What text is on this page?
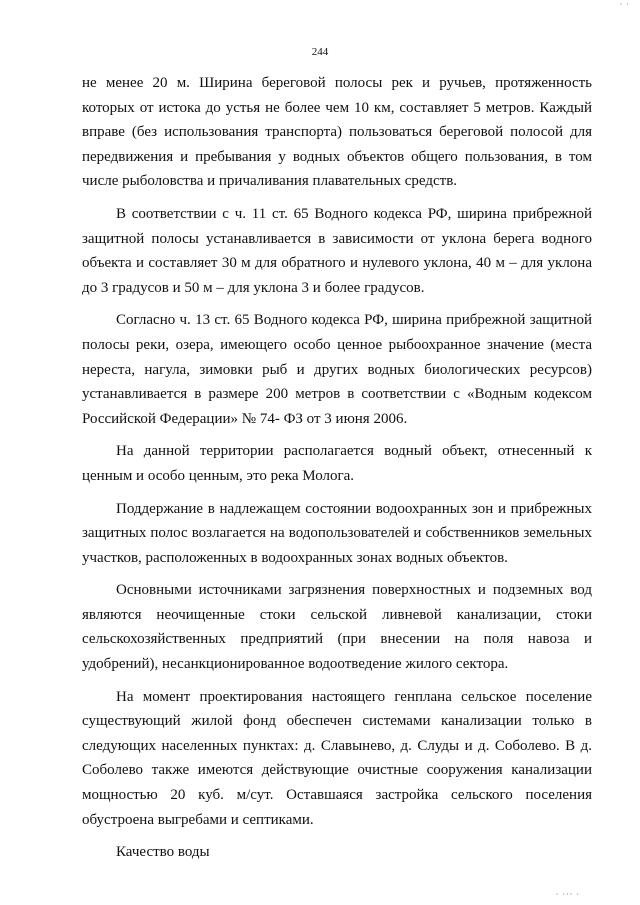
· ·
244

не менее 20 м. Ширина береговой полосы рек и ручьев, протяженность которых от истока до устья не более чем 10 км, составляет 5 метров. Каждый вправе (без использования транспорта) пользоваться береговой полосой для передвижения и пребывания у водных объектов общего пользования, в том числе рыболовства и причаливания плавательных средств.

В соответствии с ч. 11 ст. 65 Водного кодекса РФ, ширина прибрежной защитной полосы устанавливается в зависимости от уклона берега водного объекта и составляет 30 м для обратного и нулевого уклона, 40 м – для уклона до 3 градусов и 50 м – для уклона 3 и более градусов.

Согласно ч. 13 ст. 65 Водного кодекса РФ, ширина прибрежной защитной полосы реки, озера, имеющего особо ценное рыбоохранное значение (места нереста, нагула, зимовки рыб и других водных биологических ресурсов) устанавливается в размере 200 метров в соответствии с «Водным кодексом Российской Федерации» № 74- ФЗ от 3 июня 2006.

На данной территории располагается водный объект, отнесенный к ценным и особо ценным, это река Молога.

Поддержание в надлежащем состоянии водоохранных зон и прибрежных защитных полос возлагается на водопользователей и собственников земельных участков, расположенных в водоохранных зонах водных объектов.

Основными источниками загрязнения поверхностных и подземных вод являются неочищенные стоки сельской ливневой канализации, стоки сельскохозяйственных предприятий (при внесении на поля навоза и удобрений), несанкционированное водоотведение жилого сектора.

На момент проектирования настоящего генплана сельское поселение существующий жилой фонд обеспечен системами канализации только в следующих населенных пунктах: д. Славынево, д. Слуды и д. Соболево. В д. Соболево также имеются действующие очистные сооружения канализации мощностью 20 куб. м/сут. Оставшаяся застройка сельского поселения обустроена выгребами и септиками.

Качество воды

· ··· ·
